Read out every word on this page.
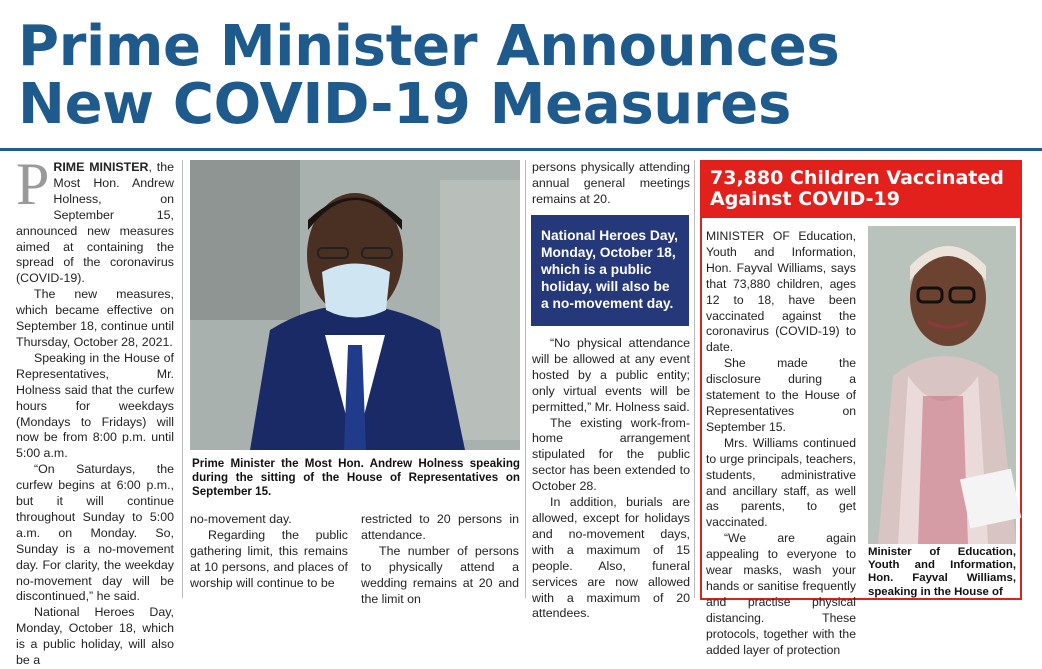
Prime Minister Announces
New COVID-19 Measures

PRIME MINISTER, the Most Hon. Andrew Holness, on September 15, announced new measures aimed at containing the spread of the coronavirus (COVID-19).

The new measures, which became effective on September 18, continue until Thursday, October 28, 2021.

Speaking in the House of Representatives, Mr. Holness said that the curfew hours for weekdays (Mondays to Fridays) will now be from 8:00 p.m. until 5:00 a.m.

“On Saturdays, the curfew begins at 6:00 p.m., but it will continue throughout Sunday to 5:00 a.m. on Monday. So, Sunday is a no-movement day. For clarity, the weekday no-movement day will be discontinued,” he said.

National Heroes Day, Monday, October 18, which is a public holiday, will also be a

Prime Minister the Most Hon. Andrew Holness speaking during the sitting of the House of Representatives on September 15.

no-movement day.

Regarding the public gathering limit, this remains at 10 persons, and places of worship will continue to be

restricted to 20 persons in attendance.

The number of persons to physically attend a wedding remains at 20 and the limit on

persons physically attending annual general meetings remains at 20.

National Heroes Day, Monday, October 18, which is a public holiday, will also be a no-movement day.

“No physical attendance will be allowed at any event hosted by a public entity; only virtual events will be permitted,” Mr. Holness said.

The existing work-from-home arrangement stipulated for the public sector has been extended to October 28.

In addition, burials are allowed, except for holidays and no-movement days, with a maximum of 15 people. Also, funeral services are now allowed with a maximum of 20 attendees.

73,880 Children Vaccinated Against COVID-19

MINISTER OF Education, Youth and Information, Hon. Fayval Williams, says that 73,880 children, ages 12 to 18, have been vaccinated against the coronavirus (COVID-19) to date.

She made the disclosure during a statement to the House of Representatives on September 15.

Mrs. Williams continued to urge principals, teachers, students, administrative and ancillary staff, as well as parents, to get vaccinated.

“We are again appealing to everyone to wear masks, wash your hands or sanitise frequently and practise physical distancing. These protocols, together with the added layer of protection

Minister of Education, Youth and Information, Hon. Fayval Williams, speaking in the House of
